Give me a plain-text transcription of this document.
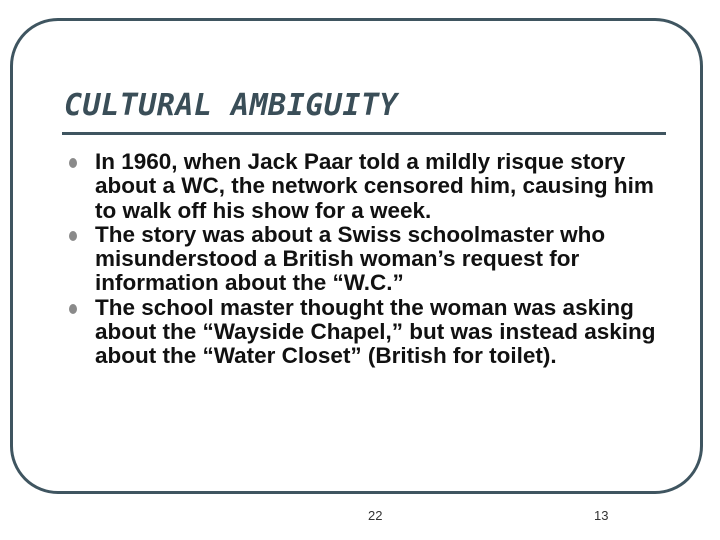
CULTURAL AMBIGUITY
In 1960, when Jack Paar told a mildly risque story about a WC, the network censored him, causing him to walk off his show for a week.
The story was about a Swiss schoolmaster who misunderstood a British woman’s request for information about the “W.C.”
The school master thought the woman was asking about the “Wayside Chapel,” but was instead asking about the “Water Closet” (British for toilet).
22	13
